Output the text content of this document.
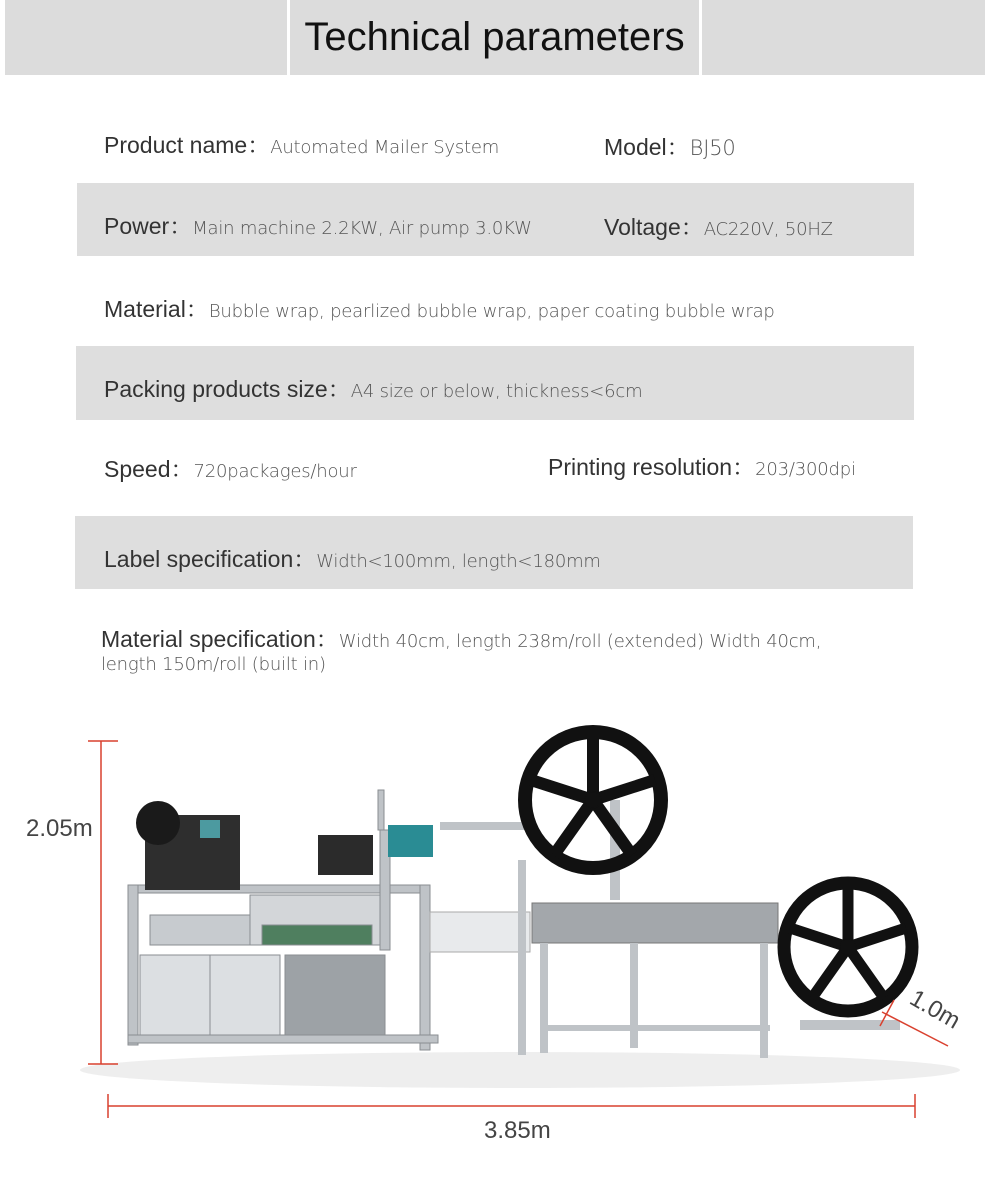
Technical parameters
Product name：Automated Mailer System	Model：BJ50
Power：Main machine 2.2KW, Air pump 3.0KW	Voltage：AC220V, 50HZ
Material：Bubble wrap, pearlized bubble wrap, paper coating bubble wrap
Packing products size：A4 size or below, thickness<6cm
Speed：720packages/hour	Printing resolution：203/300dpi
Label specification：Width<100mm, length<180mm
Material specification：Width 40cm, length 238m/roll (extended) Width 40cm,
length 150m/roll (built in)
2.05m
3.85m
1.0m
